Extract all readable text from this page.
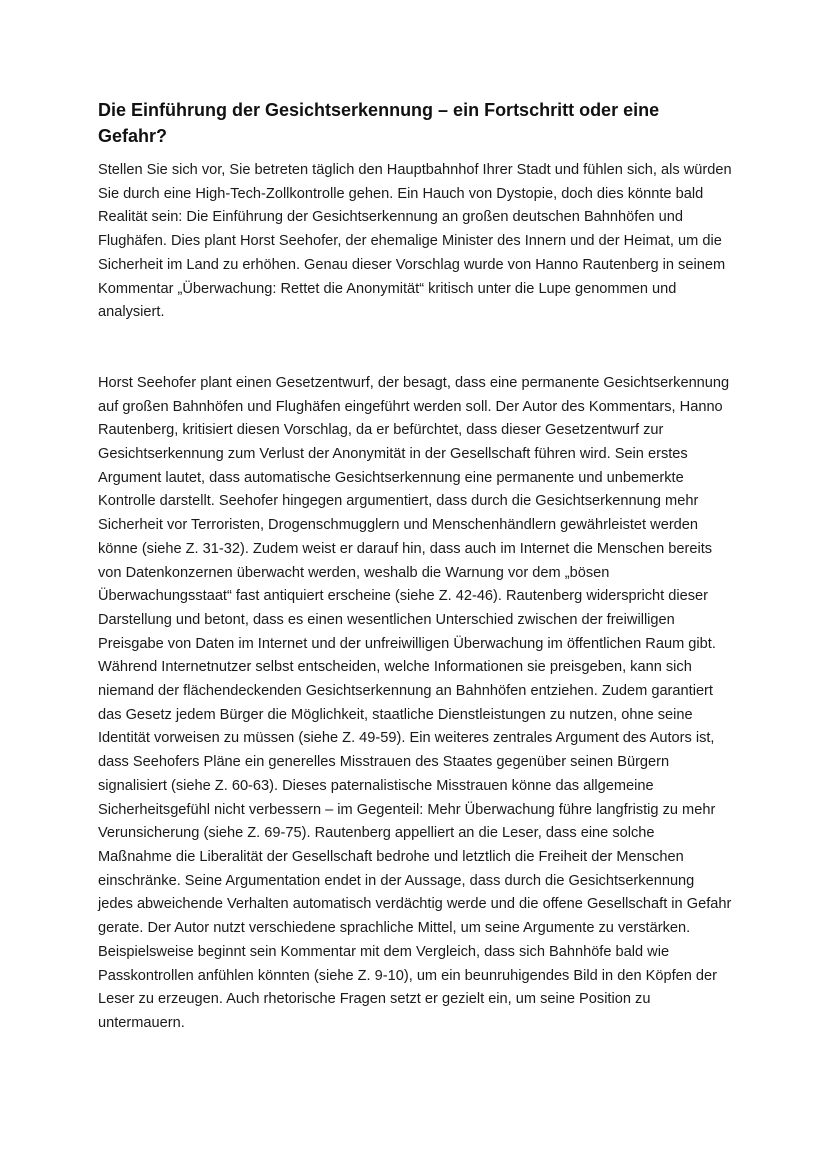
Die Einführung der Gesichtserkennung – ein Fortschritt oder eine Gefahr?

Stellen Sie sich vor, Sie betreten täglich den Hauptbahnhof Ihrer Stadt und fühlen sich, als würden Sie durch eine High-Tech-Zollkontrolle gehen. Ein Hauch von Dystopie, doch dies könnte bald Realität sein: Die Einführung der Gesichtserkennung an großen deutschen Bahnhöfen und Flughäfen. Dies plant Horst Seehofer, der ehemalige Minister des Innern und der Heimat, um die Sicherheit im Land zu erhöhen. Genau dieser Vorschlag wurde von Hanno Rautenberg in seinem Kommentar „Überwachung: Rettet die Anonymität“ kritisch unter die Lupe genommen und analysiert.

Horst Seehofer plant einen Gesetzentwurf, der besagt, dass eine permanente Gesichtserkennung auf großen Bahnhöfen und Flughäfen eingeführt werden soll. Der Autor des Kommentars, Hanno Rautenberg, kritisiert diesen Vorschlag, da er befürchtet, dass dieser Gesetzentwurf zur Gesichtserkennung zum Verlust der Anonymität in der Gesellschaft führen wird. Sein erstes Argument lautet, dass automatische Gesichtserkennung eine permanente und unbemerkte Kontrolle darstellt. Seehofer hingegen argumentiert, dass durch die Gesichtserkennung mehr Sicherheit vor Terroristen, Drogenschmugglern und Menschenhändlern gewährleistet werden könne (siehe Z. 31-32). Zudem weist er darauf hin, dass auch im Internet die Menschen bereits von Datenkonzernen überwacht werden, weshalb die Warnung vor dem „bösen Überwachungsstaat“ fast antiquiert erscheine (siehe Z. 42-46). Rautenberg widerspricht dieser Darstellung und betont, dass es einen wesentlichen Unterschied zwischen der freiwilligen Preisgabe von Daten im Internet und der unfreiwilligen Überwachung im öffentlichen Raum gibt. Während Internetnutzer selbst entscheiden, welche Informationen sie preisgeben, kann sich niemand der flächendeckenden Gesichtserkennung an Bahnhöfen entziehen. Zudem garantiert das Gesetz jedem Bürger die Möglichkeit, staatliche Dienstleistungen zu nutzen, ohne seine Identität vorweisen zu müssen (siehe Z. 49-59). Ein weiteres zentrales Argument des Autors ist, dass Seehofers Pläne ein generelles Misstrauen des Staates gegenüber seinen Bürgern signalisiert (siehe Z. 60-63). Dieses paternalistische Misstrauen könne das allgemeine Sicherheitsgefühl nicht verbessern – im Gegenteil: Mehr Überwachung führe langfristig zu mehr Verunsicherung (siehe Z. 69-75). Rautenberg appelliert an die Leser, dass eine solche Maßnahme die Liberalität der Gesellschaft bedrohe und letztlich die Freiheit der Menschen einschränke. Seine Argumentation endet in der Aussage, dass durch die Gesichtserkennung jedes abweichende Verhalten automatisch verdächtig werde und die offene Gesellschaft in Gefahr gerate. Der Autor nutzt verschiedene sprachliche Mittel, um seine Argumente zu verstärken. Beispielsweise beginnt sein Kommentar mit dem Vergleich, dass sich Bahnhöfe bald wie Passkontrollen anfühlen könnten (siehe Z. 9-10), um ein beunruhigendes Bild in den Köpfen der Leser zu erzeugen. Auch rhetorische Fragen setzt er gezielt ein, um seine Position zu untermauern.
